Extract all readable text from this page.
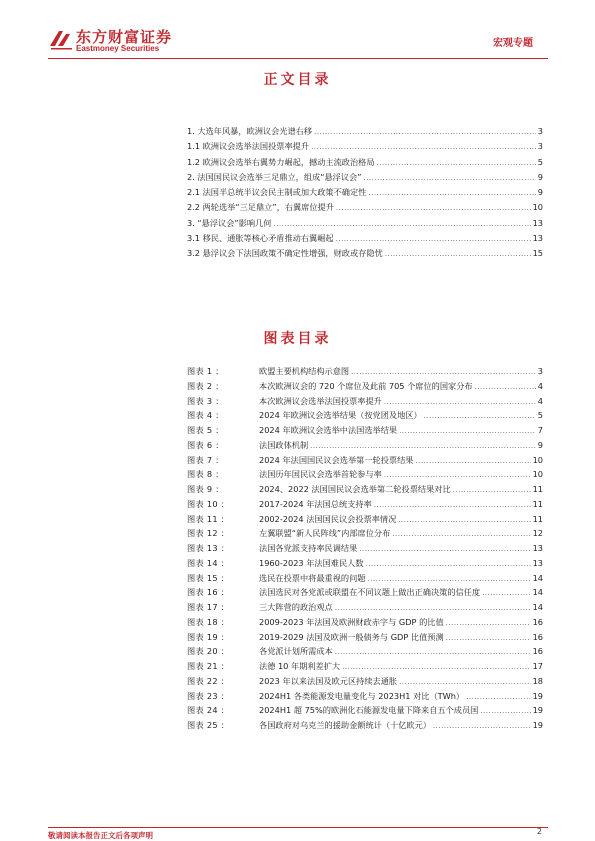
东方财富证券
Eastmoney Securities	宏观专题
正文目录
1. 大选年风暴，欧洲议会光谱右移 .....	3
1.1 欧洲议会选举法国投票率提升 .....	3
1.2 欧洲议会选举右翼势力崛起，撼动主流政治格局 .....	5
2. 法国国民议会选举三足鼎立，组成“悬浮议会” .....	9
2.1 法国半总统半议会民主制或加大政策不确定性 .....	9
2.2 两轮选举“三足鼎立”，右翼席位提升 .....	10
3. “悬浮议会”影响几何 .....	13
3.1 移民、通胀等核心矛盾推动右翼崛起 .....	13
3.2 悬浮议会下法国政策不确定性增强，财政或存隐忧 .....	15
图表目录
图表 1 ：	欧盟主要机构结构示意图 .....	3
图表 2 ：	本次欧洲议会的 720 个席位及此前 705 个席位的国家分布 .....	4
图表 3 ：	本次欧洲议会选举法国投票率提升 .....	4
图表 4 ：	2024 年欧洲议会选举结果（按党团及地区） .....	5
图表 5 ：	2024 年欧洲议会选举中法国选举结果 .....	7
图表 6 ：	法国政体机制 .....	9
图表 7 ：	2024 年法国国民议会选举第一轮投票结果 .....	10
图表 8 ：	法国历年国民议会选举首轮参与率 .....	10
图表 9 ：	2024、2022 法国国民议会选举第二轮投票结果对比 .....	11
图表 10 ：	2017-2024 年法国总统支持率 .....	11
图表 11 ：	2002-2024 法国国民议会投票率情况 .....	11
图表 12 ：	左翼联盟“新人民阵线”内部席位分布 .....	12
图表 13 ：	法国各党派支持率民调结果 .....	13
图表 14 ：	1960-2023 年法国难民人数 .....	13
图表 15 ：	选民在投票中将最重视的问题 .....	14
图表 16 ：	法国选民对各党派或联盟在不同议题上做出正确决策的信任度 .....	14
图表 17 ：	三大阵营的政治观点 .....	14
图表 18 ：	2009-2023 年法国及欧洲财政赤字与 GDP 的比值 .....	16
图表 19 ：	2019-2029 法国及欧洲一般债务与 GDP 比值预测 .....	16
图表 20 ：	各党派计划所需成本 .....	16
图表 21 ：	法德 10 年期利差扩大 .....	17
图表 22 ：	2023 年以来法国及欧元区持续去通胀 .....	18
图表 23 ：	2024H1 各类能源发电量变化与 2023H1 对比（TWh） .....	19
图表 24 ：	2024H1 超 75%的欧洲化石能源发电量下降来自五个成员国 .....	19
图表 25 ：	各国政府对乌克兰的援助金额统计（十亿欧元） .....	19
敬请阅读本报告正文后各项声明	2
